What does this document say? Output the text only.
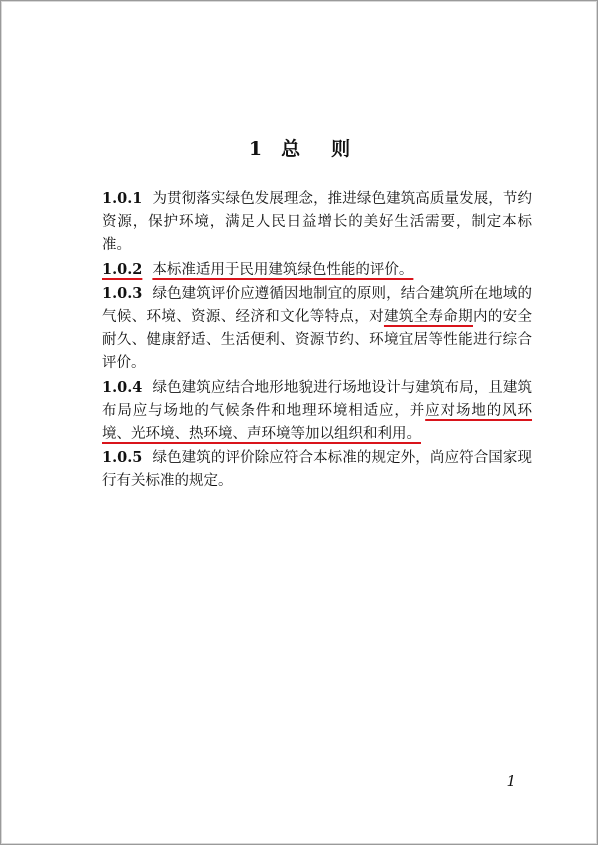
1 总 则

1.0.1 为贯彻落实绿色发展理念，推进绿色建筑高质量发展，节约资源，保护环境，满足人民日益增长的美好生活需要，制定本标准。

1.0.2 本标准适用于民用建筑绿色性能的评价。

1.0.3 绿色建筑评价应遵循因地制宜的原则，结合建筑所在地域的气候、环境、资源、经济和文化等特点，对建筑全寿命期内的安全耐久、健康舒适、生活便利、资源节约、环境宜居等性能进行综合评价。

1.0.4 绿色建筑应结合地形地貌进行场地设计与建筑布局，且建筑布局应与场地的气候条件和地理环境相适应，并应对场地的风环境、光环境、热环境、声环境等加以组织和利用。

1.0.5 绿色建筑的评价除应符合本标准的规定外，尚应符合国家现行有关标准的规定。

1
